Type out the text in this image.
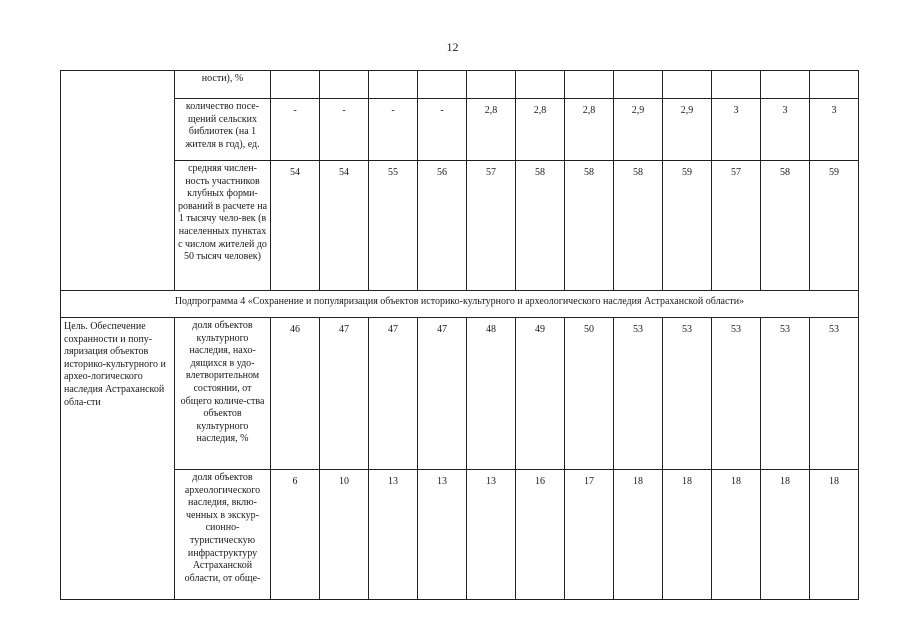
12
	ности), %												
	количество посе-щений сельских библиотек (на 1 жителя в год), ед.	-	-	-	-	2,8	2,8	2,8	2,9	2,9	3	3	3
	средняя числен-ность участников клубных форми-рований в расчете на 1 тысячу чело-век (в населенных пунктах с числом жителей до 50 тысяч человек)	54	54	55	56	57	58	58	58	59	57	58	59
Подпрограмма 4 «Сохранение и популяризация объектов историко-культурного и археологического наследия Астраханской области»													
Цель. Обеспечение сохранности и попу-ляризация объектов историко-культурного и архео-логического наследия Астраханской обла-сти	доля объектов культурного наследия, нахо-дящихся в удо-влетворительном состоянии, от общего количе-ства объектов культурного наследия, %	46	47	47	47	48	49	50	53	53	53	53	53
	доля объектов археологического наследия, вклю-ченных в экскур-сионно-туристическую инфраструктуру Астраханской области, от обще-	6	10	13	13	13	16	17	18	18	18	18	18
